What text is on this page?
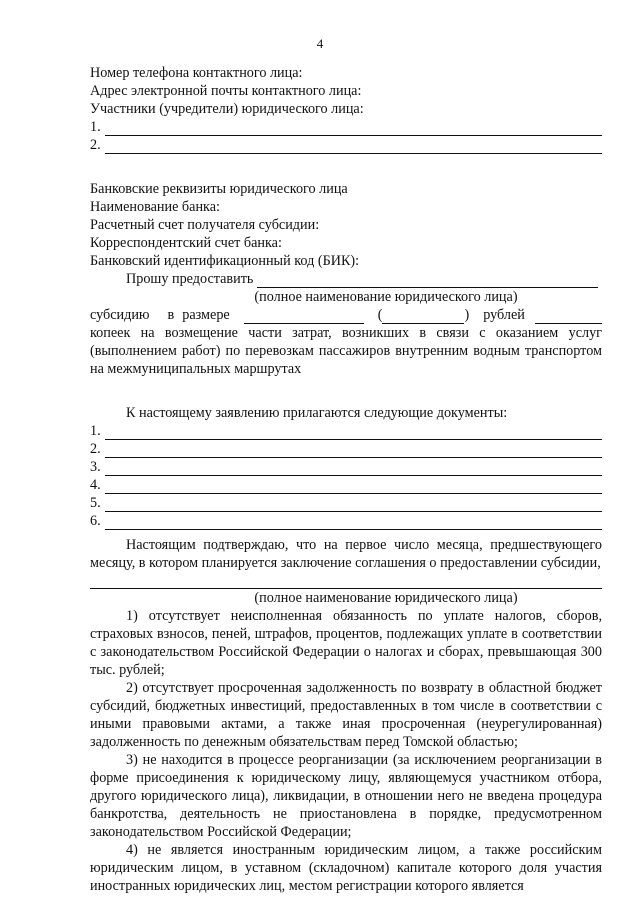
4
Номер телефона контактного лица:
Адрес электронной почты контактного лица:
Участники (учредители) юридического лица:
1.
2.
Банковские реквизиты юридического лица
Наименование банка:
Расчетный счет получателя субсидии:
Корреспондентский счет банка:
Банковский идентификационный код (БИК):
Прошу предоставить
(полное наименование юридического лица)
субсидию в размере	(	) рублей

копеек на возмещение части затрат, возникших в связи с оказанием услуг (выполнением работ) по перевозкам пассажиров внутренним водным транспортом на межмуниципальных маршрутах

К настоящему заявлению прилагаются следующие документы:
1.
2.
3.
4.
5.
6.

Настоящим подтверждаю, что на первое число месяца, предшествующего месяцу, в котором планируется заключение соглашения о предоставлении субсидии,

(полное наименование юридического лица)

1) отсутствует неисполненная обязанность по уплате налогов, сборов, страховых взносов, пеней, штрафов, процентов, подлежащих уплате в соответствии с законодательством Российской Федерации о налогах и сборах, превышающая 300 тыс. рублей;

2) отсутствует просроченная задолженность по возврату в областной бюджет субсидий, бюджетных инвестиций, предоставленных в том числе в соответствии с иными правовыми актами, а также иная просроченная (неурегулированная) задолженность по денежным обязательствам перед Томской областью;

3) не находится в процессе реорганизации (за исключением реорганизации в форме присоединения к юридическому лицу, являющемуся участником отбора, другого юридического лица), ликвидации, в отношении него не введена процедура банкротства, деятельность не приостановлена в порядке, предусмотренном законодательством Российской Федерации;

4) не является иностранным юридическим лицом, а также российским юридическим лицом, в уставном (складочном) капитале которого доля участия иностранных юридических лиц, местом регистрации которого является
